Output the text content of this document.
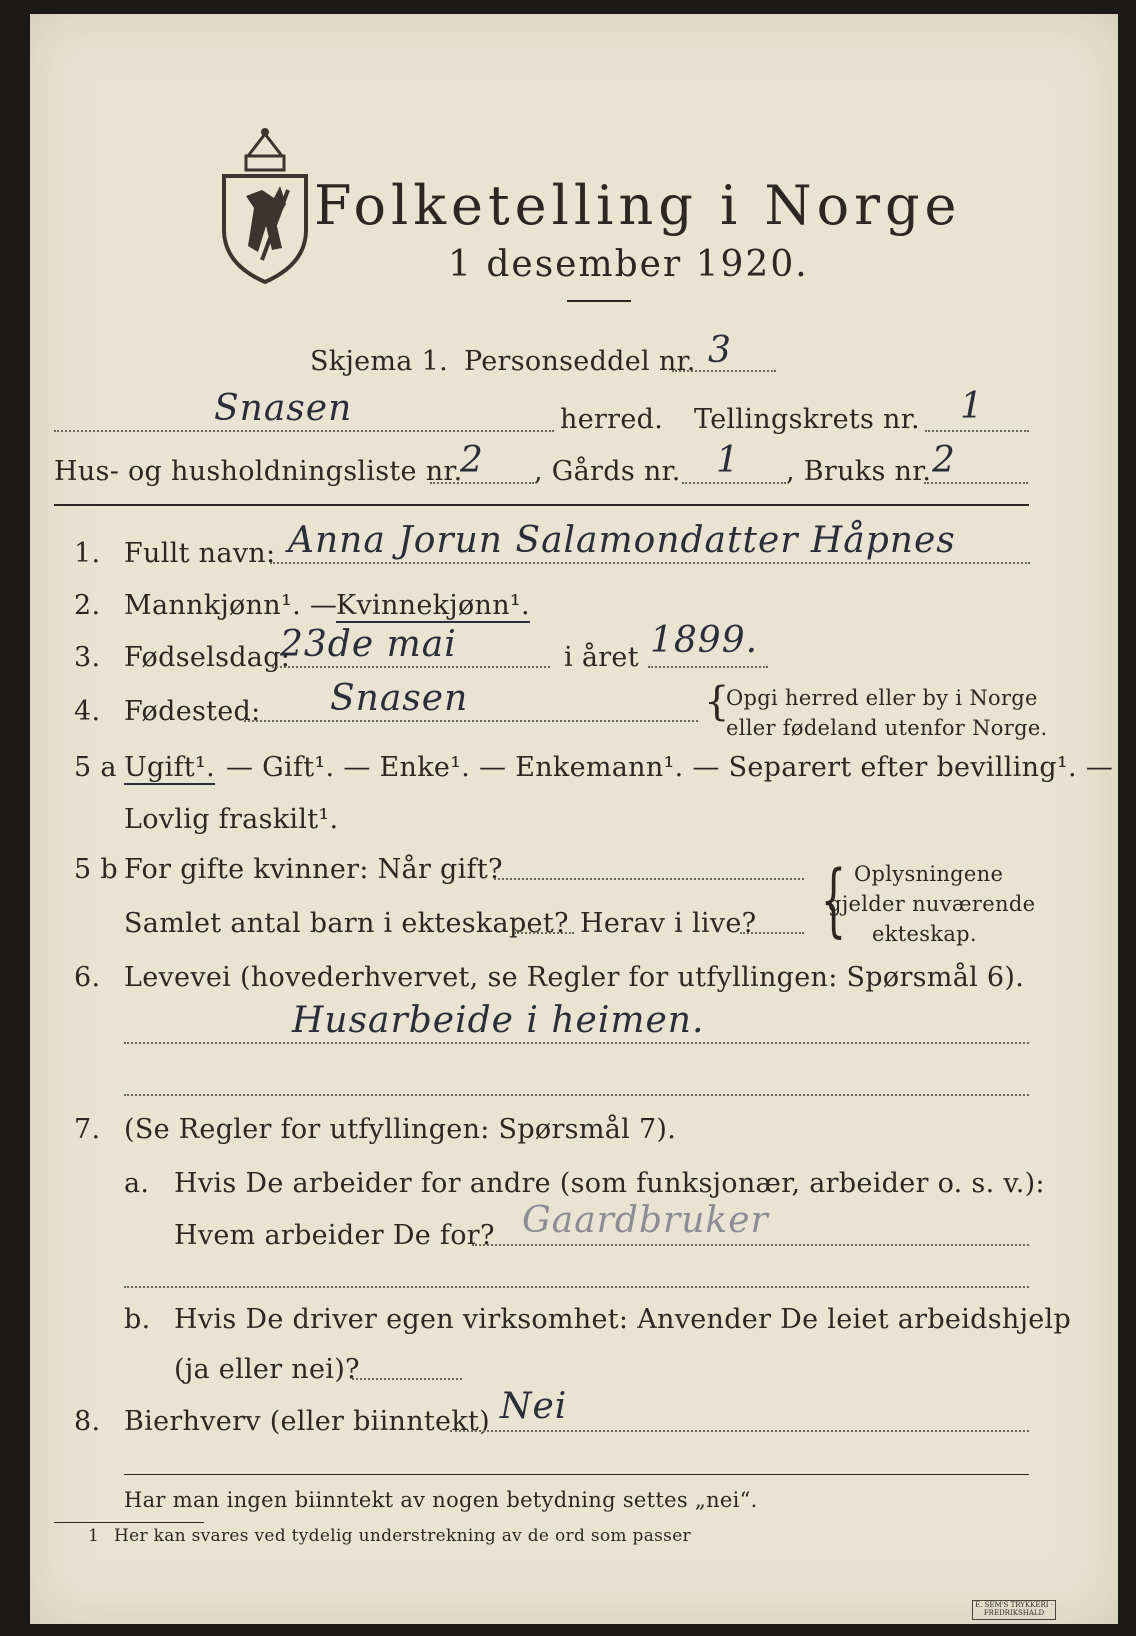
Folketelling i Norge
1 desember 1920.
Skjema 1. Personseddel nr. 3
Snasen	herred. Tellingskrets nr. 1
Hus- og husholdningsliste nr.
2 , Gårds nr. 1 , Bruks nr. 2
1. Fullt navn: Anna Jorun Salamondatter Håpnes
2. Mannkjønn¹. —
Kvinnekjønn¹.
3. Fødselsdag:
23de mai	i året 1899.
4. Fødested: Snasen	{
Opgi herred eller by i Norge
eller fødeland utenfor Norge.
5 a Ugift¹. — Gift¹. — Enke¹. — Enkemann¹. — Separert efter bevilling¹. —
Lovlig fraskilt¹.
5 b For gifte kvinner: Når gift?
Samlet antal barn i ekteskapet? Herav i live? { Oplysningene
gjelder nuværende
ekteskap.
6. Levevei (hovederhvervet, se Regler for utfyllingen: Spørsmål 6).
Husarbeide i heimen.
7. (Se Regler for utfyllingen: Spørsmål 7).
a. Hvis De arbeider for andre (som funksjonær, arbeider o. s. v.):
Hvem arbeider De for? Gaardbruker
b. Hvis De driver egen virksomhet: Anvender De leiet arbeidshjelp
(ja eller nei)?
8. Bierhverv (eller biinntekt) Nei
Har man ingen biinntekt av nogen betydning settes „nei“.
1 Her kan svares ved tydelig understrekning av de ord som passer
E. SEM'S TRYKKERI · FREDRIKSHALD
